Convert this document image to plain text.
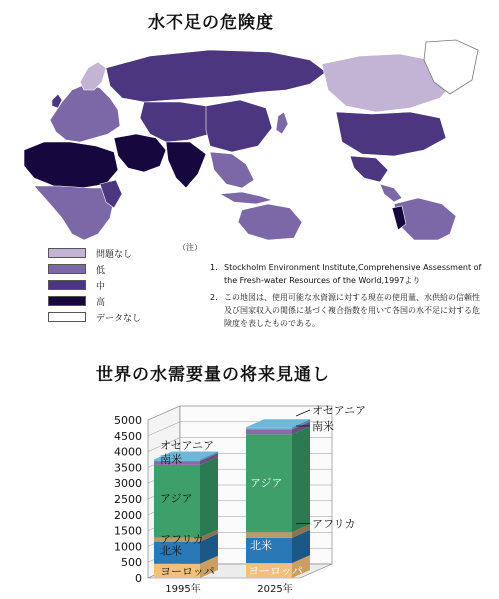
水不足の危険度
問題なし
低
中
高
データなし
（注）
1. Stockholm Environment Institute,Comprehensive Assessment of the Fresh-water Resources of the World,1997より
2. この地図は、使用可能な水資源に対する現在の使用量、水供給の信頼性及び国家収入の関係に基づく複合指数を用いて各国の水不足に対する危険度を表したものである。
世界の水需要量の将来見通し
0
500
1000
1500
2000
2500
3000
3500
4000
4500
5000
1995年	2025年
オセアニア
南米
アジア
アフリカ
北米
ヨーロッパ
アジア
北米
ヨーロッパ
オセアニア
南米
アフリカ
